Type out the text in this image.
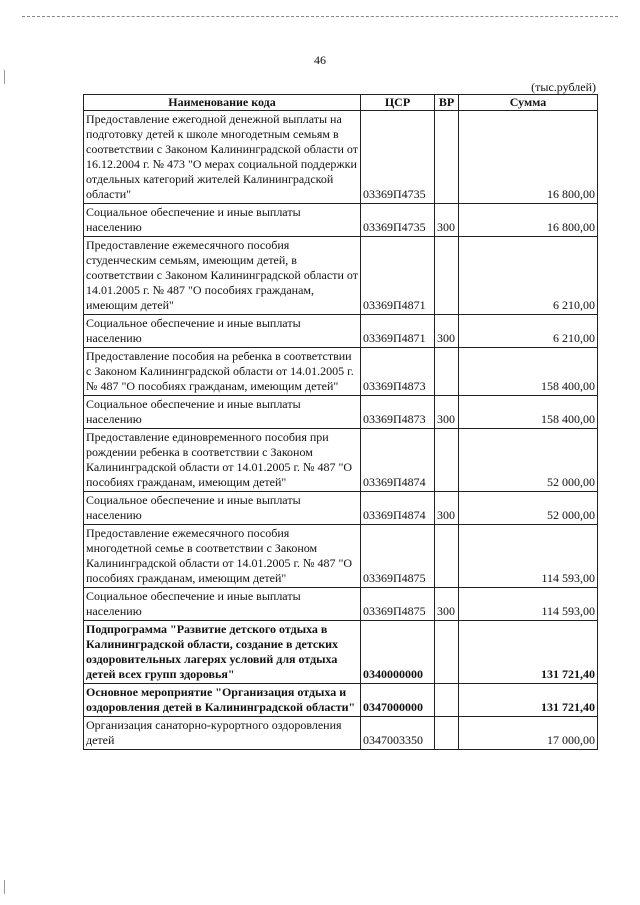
46
(тыс.рублей)
Наименование кода	ЦСР	ВР	Сумма
Предоставление ежегодной денежной выплаты на подготовку детей к школе многодетным семьям в соответствии с Законом Калининградской области от 16.12.2004 г. № 473 "О мерах социальной поддержки отдельных категорий жителей Калининградской области"	03369П4735		16 800,00
Социальное обеспечение и иные выплаты населению	03369П4735	300	16 800,00
Предоставление ежемесячного пособия студенческим семьям, имеющим детей, в соответствии с Законом Калининградской области от 14.01.2005 г. № 487 "О пособиях гражданам, имеющим детей"	03369П4871		6 210,00
Социальное обеспечение и иные выплаты населению	03369П4871	300	6 210,00
Предоставление пособия на ребенка в соответствии с Законом Калининградской области от 14.01.2005 г. № 487 "О пособиях гражданам, имеющим детей"	03369П4873		158 400,00
Социальное обеспечение и иные выплаты населению	03369П4873	300	158 400,00
Предоставление единовременного пособия при рождении ребенка в соответствии с Законом Калининградской области от 14.01.2005 г. № 487 "О пособиях гражданам, имеющим детей"	03369П4874		52 000,00
Социальное обеспечение и иные выплаты населению	03369П4874	300	52 000,00
Предоставление ежемесячного пособия многодетной семье в соответствии с Законом Калининградской области от 14.01.2005 г. № 487 "О пособиях гражданам, имеющим детей"	03369П4875		114 593,00
Социальное обеспечение и иные выплаты населению	03369П4875	300	114 593,00
Подпрограмма "Развитие детского отдыха в Калининградской области, создание в детских оздоровительных лагерях условий для отдыха детей всех групп здоровья"	0340000000		131 721,40
Основное мероприятие "Организация отдыха и оздоровления детей в Калининградской области"	0347000000		131 721,40
Организация санаторно-курортного оздоровления детей	0347003350		17 000,00
